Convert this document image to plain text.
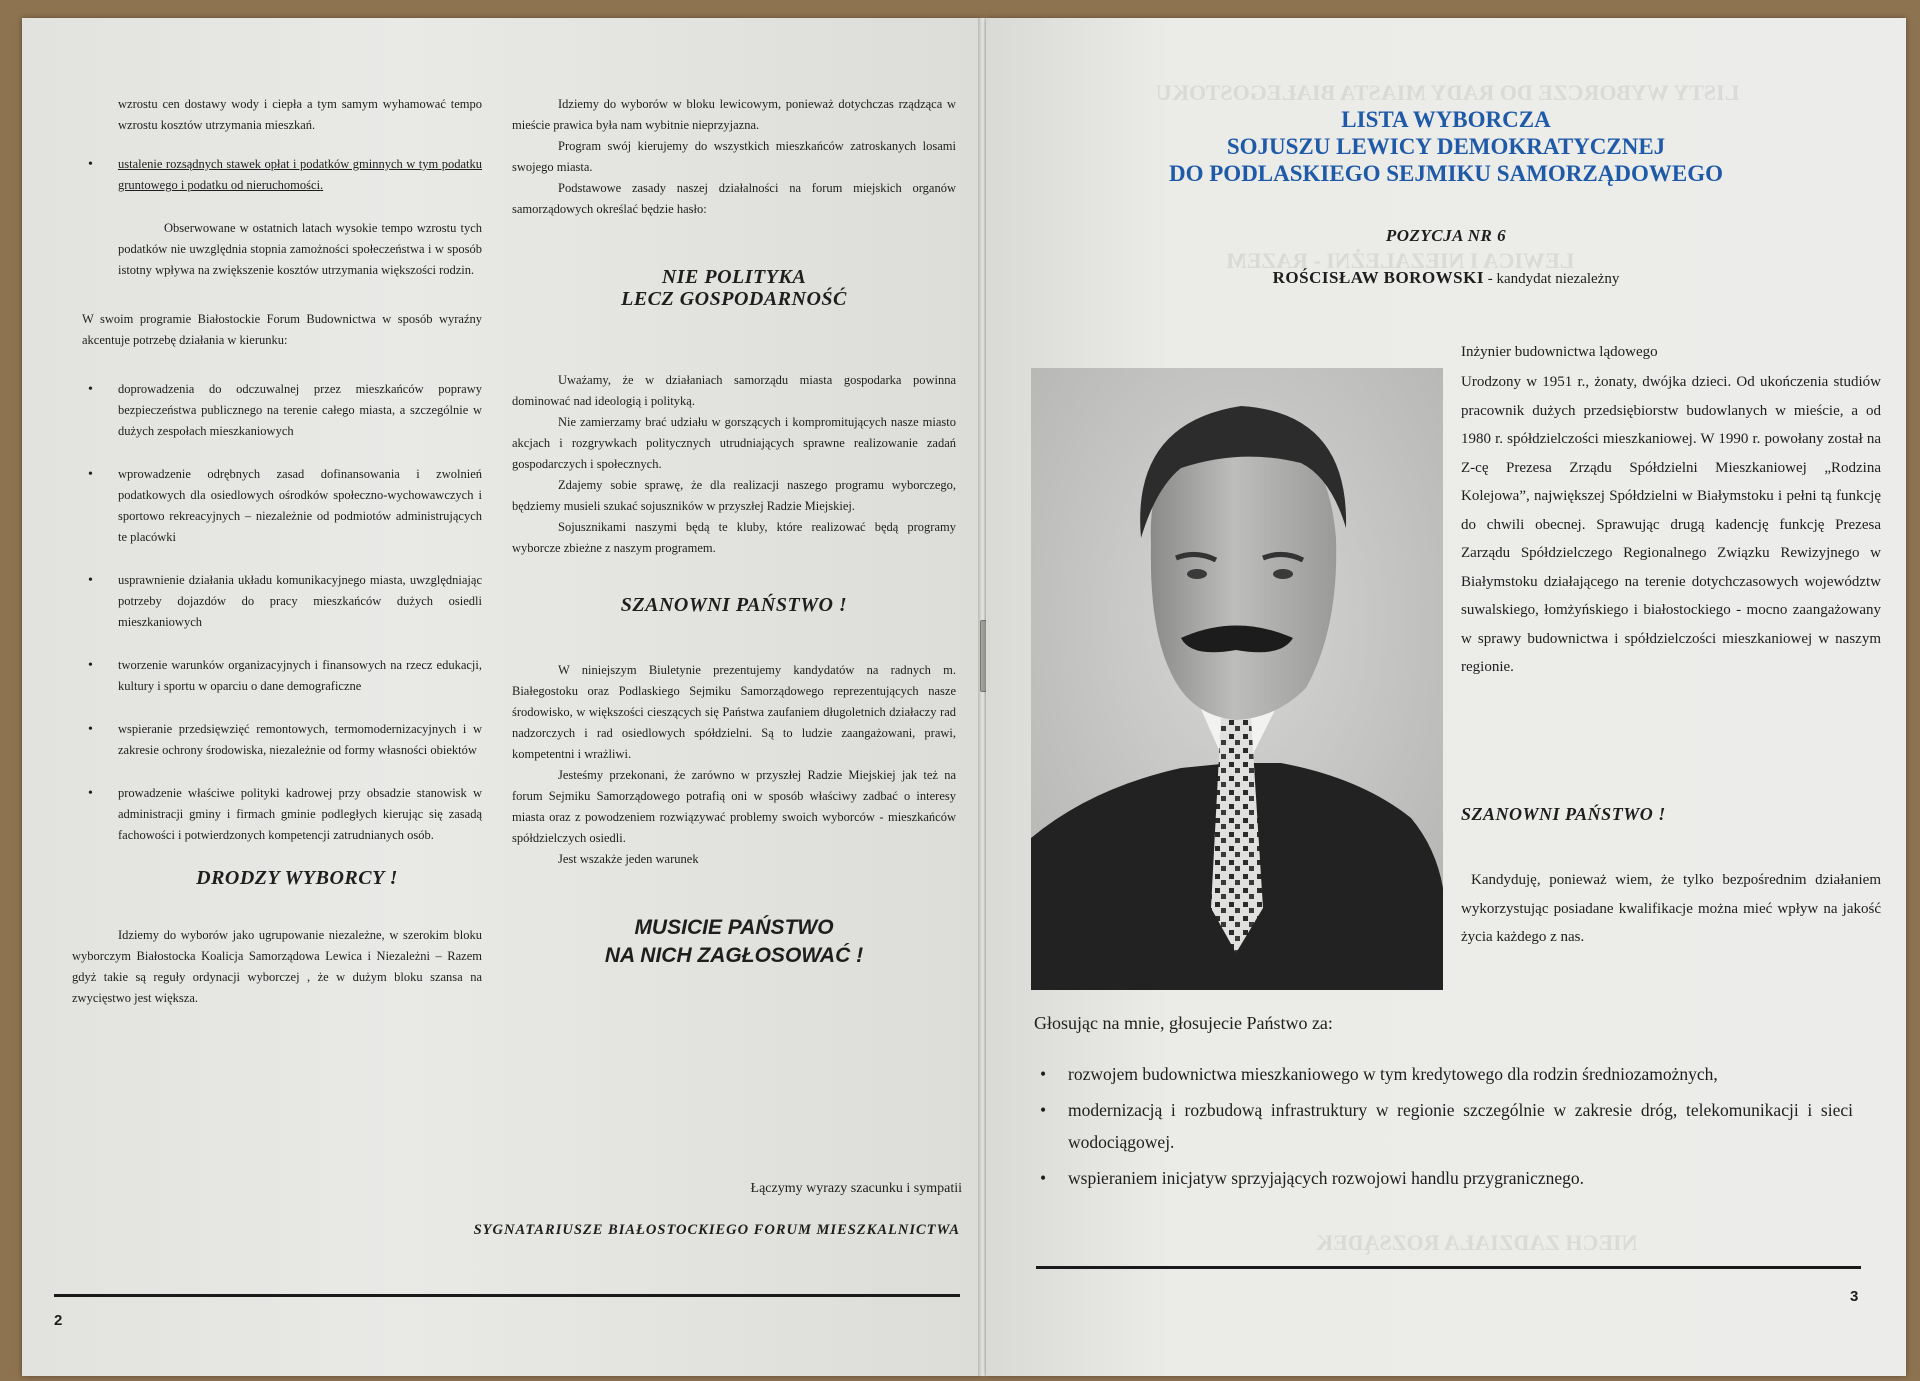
wzrostu cen dostawy wody i ciepła a tym samym wyhamować tempo wzrostu kosztów utrzymania mieszkań.

• ustalenie rozsądnych stawek opłat i podatków gminnych w tym podatku gruntowego i podatku od nieruchomości.

Obserwowane w ostatnich latach wysokie tempo wzrostu tych podatków nie uwzględnia stopnia zamożności społeczeństwa i w sposób istotny wpływa na zwiększenie kosztów utrzymania większości rodzin.

W swoim programie Białostockie Forum Budownictwa w sposób wyraźny akcentuje potrzebę działania w kierunku:

• doprowadzenia do odczuwalnej przez mieszkańców poprawy bezpieczeństwa publicznego na terenie całego miasta, a szczególnie w dużych zespołach mieszkaniowych
• wprowadzenie odrębnych zasad dofinansowania i zwolnień podatkowych dla osiedlowych ośrodków społeczno-wychowawczych i sportowo rekreacyjnych – niezależnie od podmiotów administrujących te placówki
• usprawnienie działania układu komunikacyjnego miasta, uwzględniając potrzeby dojazdów do pracy mieszkańców dużych osiedli mieszkaniowych
• tworzenie warunków organizacyjnych i finansowych na rzecz edukacji, kultury i sportu w oparciu o dane demograficzne
• wspieranie przedsięwzięć remontowych, termomodernizacyjnych i w zakresie ochrony środowiska, niezależnie od formy własności obiektów
• prowadzenie właściwe polityki kadrowej przy obsadzie stanowisk w administracji gminy i firmach gminie podległych kierując się zasadą fachowości i potwierdzonych kompetencji zatrudnianych osób.
DRODZY WYBORCY !

Idziemy do wyborów jako ugrupowanie niezależne, w szerokim bloku wyborczym Białostocka Koalicja Samorządowa Lewica i Niezależni – Razem gdyż takie są reguły ordynacji wyborczej , że w dużym bloku szansa na zwycięstwo jest większa.

Idziemy do wyborów w bloku lewicowym, ponieważ dotychczas rządząca w mieście prawica była nam wybitnie nieprzyjazna.

Program swój kierujemy do wszystkich mieszkańców zatroskanych losami swojego miasta.

Podstawowe zasady naszej działalności na forum miejskich organów samorządowych określać będzie hasło:

NIE POLITYKA
LECZ GOSPODARNOŚĆ

Uważamy, że w działaniach samorządu miasta gospodarka powinna dominować nad ideologią i polityką.

Nie zamierzamy brać udziału w gorszących i kompromitujących nasze miasto akcjach i rozgrywkach politycznych utrudniających sprawne realizowanie zadań gospodarczych i społecznych.

Zdajemy sobie sprawę, że dla realizacji naszego programu wyborczego, będziemy musieli szukać sojuszników w przyszłej Radzie Miejskiej.

Sojusznikami naszymi będą te kluby, które realizować będą programy wyborcze zbieżne z naszym programem.

SZANOWNI PAŃSTWO !

W niniejszym Biuletynie prezentujemy kandydatów na radnych m. Białegostoku oraz Podlaskiego Sejmiku Samorządowego reprezentujących nasze środowisko, w większości cieszących się Państwa zaufaniem długoletnich działaczy rad nadzorczych i rad osiedlowych spółdzielni. Są to ludzie zaangażowani, prawi, kompetentni i wrażliwi.

Jesteśmy przekonani, że zarówno w przyszłej Radzie Miejskiej jak też na forum Sejmiku Samorządowego potrafią oni w sposób właściwy zadbać o interesy miasta oraz z powodzeniem rozwiązywać problemy swoich wyborców - mieszkańców spółdzielczych osiedli.

Jest wszakże jeden warunek

MUSICIE PAŃSTWO
NA NICH ZAGŁOSOWAĆ !
Łączymy wyrazy szacunku i sympatii
SYGNATARIUSZE BIAŁOSTOCKIEGO FORUM MIESZKALNICTWA
2
LISTY WYBORCZE DO RADY MIASTA BIAŁEGOSTOKU
LEWICA I NIEZALEŻNI - RAZEM
NIECH ZADZIAŁA ROZSĄDEK
LISTA WYBORCZA
SOJUSZU LEWICY DEMOKRATYCZNEJ
DO PODLASKIEGO SEJMIKU SAMORZĄDOWEGO
POZYCJA NR 6
ROŚCISŁAW BOROWSKI - kandydat niezależny
Inżynier budownictwa lądowego
Urodzony w 1951 r., żonaty, dwójka dzieci. Od ukończenia studiów pracownik dużych przedsiębiorstw budowlanych w mieście, a od 1980 r. spółdzielczości mieszkaniowej. W 1990 r. powołany został na Z-cę Prezesa Zrządu Spółdzielni Mieszkaniowej „Rodzina Kolejowa”, największej Spółdzielni w Białymstoku i pełni tą funkcję do chwili obecnej. Sprawując drugą kadencję funkcję Prezesa Zarządu Spółdzielczego Regionalnego Związku Rewizyjnego w Białymstoku działającego na terenie dotychczasowych województw suwalskiego, łomżyńskiego i białostockiego - mocno zaangażowany w sprawy budownictwa i spółdzielczości mieszkaniowej w naszym regionie.
SZANOWNI PAŃSTWO !
Kandyduję, ponieważ wiem, że tylko bezpośrednim działaniem wykorzystując posiadane kwalifikacje można mieć wpływ na jakość życia każdego z nas.
Głosując na mnie, głosujecie Państwo za:
• rozwojem budownictwa mieszkaniowego w tym kredytowego dla rodzin średniozamożnych,
• modernizacją i rozbudową infrastruktury w regionie szczególnie w zakresie dróg, telekomunikacji i sieci wodociągowej.
• wspieraniem inicjatyw sprzyjających rozwojowi handlu przygranicznego.
3
